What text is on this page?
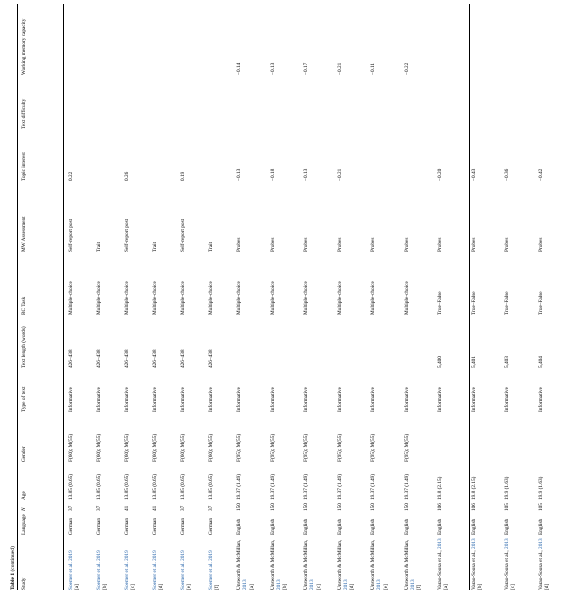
Table 1 (continued)
Study	Language	N	Age	Gender	Type of text	Text length (words)	RC Task	MW Assessment	Topic interest	Text difficulty	Working memory capacity
Soemer et al. 2019
[a]	German	37	13.85 (0.65)	F(60); M(55)	Informative	426–438	Multiple-choice	Self-report post	0.22		
Soemer et al. 2019
[b]	German	37	13.85 (0.65)	F(60); M(55)	Informative	426–438	Multiple-choice	Trait			
Soemer et al. 2019
[c]	German	41	13.85 (0.65)	F(60); M(55)	Informative	426–438	Multiple-choice	Self-report post	0.26		
Soemer et al. 2019
[d]	German	41	13.85 (0.65)	F(60); M(55)	Informative	426–438	Multiple-choice	Trait			
Soemer et al. 2019
[e]	German	37	13.85 (0.65)	F(60); M(55)	Informative	426–438	Multiple-choice	Self-report post	0.19		
Soemer et al. 2019
[f]	German	37	13.85 (0.65)	F(60); M(55)	Informative	426–438	Multiple-choice	Trait			
Unsworth & McMillan, 2013
[a]	English	150	19.37 (1.49)	F(95); M(55)	Informative		Multiple-choice	Probes	−0.13		−0.14
Unsworth & McMillan, 2013
[b]	English	150	19.37 (1.49)	F(95); M(55)	Informative		Multiple-choice	Probes	−0.18		−0.13
Unsworth & McMillan, 2013
[c]	English	150	19.37 (1.49)	F(95); M(55)	Informative		Multiple-choice	Probes	−0.13		−0.17
Unsworth & McMillan, 2013
[d]	English	150	19.37 (1.49)	F(95); M(55)	Informative		Multiple-choice	Probes	−0.21		−0.21
Unsworth & McMillan, 2013
[e]	English	150	19.37 (1.49)	F(95); M(55)	Informative		Multiple-choice	Probes			−0.11
Unsworth & McMillan, 2013
[f]	English	150	19.37 (1.49)	F(95); M(55)	Informative		Multiple-choice	Probes			−0.22
Varao-Sousa et al., 2013
[a]	English	106	19.8 (2.15)		Informative	5,400	True–False	Probes	−0.20		
Varao-Sousa et al., 2013
[b]	English	106	19.8 (2.15)		Informative	5,401	True–False	Probes	−0.43		
Varao-Sousa et al., 2013
[c]	English	105	19.9 (1.63)		Informative	5,403	True–False	Probes	−0.36		
Varao-Sousa et al., 2013
[d]	English	105	19.9 (1.63)		Informative	5,404	True–False	Probes	−0.42		
